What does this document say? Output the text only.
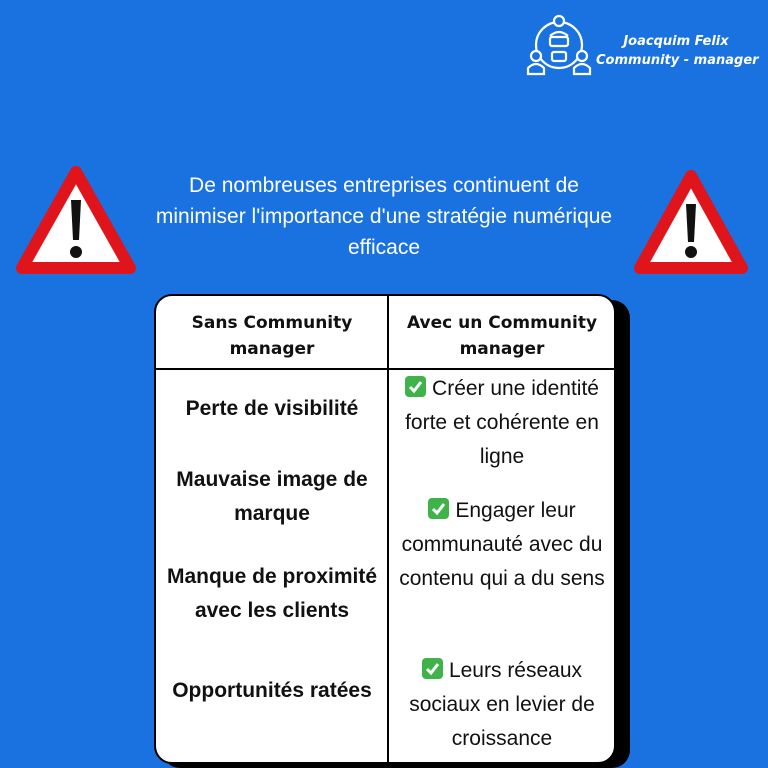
Joacquim Felix
Community - manager
De nombreuses entreprises continuent de minimiser l'importance d'une stratégie numérique efficace
Sans Community manager
Avec un Community manager
Perte de visibilité
Mauvaise image de marque
Manque de proximité avec les clients
Opportunités ratées
Créer une identité forte et cohérente en ligne
Engager leur communauté avec du contenu qui a du sens
Leurs réseaux sociaux en levier de croissance
